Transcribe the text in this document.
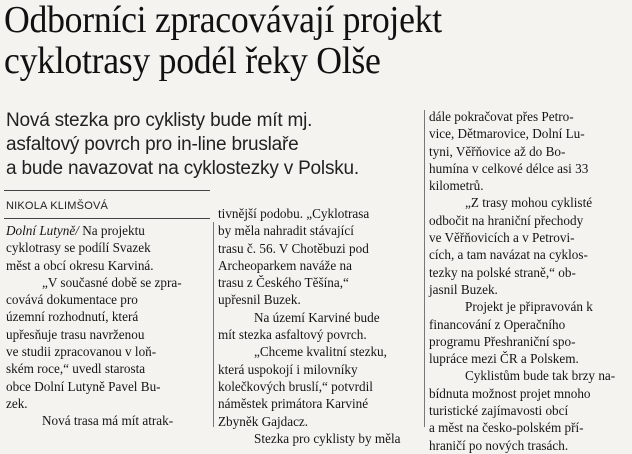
Odborníci zpracovávají projekt
cyklotrasy podél řeky Olše
Nová stezka pro cyklisty bude mít mj.
asfaltový povrch pro in-line bruslaře
a bude navazovat na cyklostezky v Polsku.
NIKOLA KLIMŠOVÁ
Dolní Lutyně/ Na projektu
cyklotrasy se podílí Svazek
měst a obcí okresu Karviná.
„V současné době se zpra-
covává dokumentace pro
územní rozhodnutí, která
upřesňuje trasu navrženou
ve studii zpracovanou v loň-
ském roce,“ uvedl starosta
obce Dolní Lutyně Pavel Bu-
zek.
Nová trasa má mít atrak-
tivnější podobu. „Cyklotrasa
by měla nahradit stávající
trasu č. 56. V Chotěbuzi pod
Archeoparkem naváže na
trasu z Českého Těšína,“
upřesnil Buzek.
Na území Karviné bude
mít stezka asfaltový povrch.
„Chceme kvalitní stezku,
která uspokojí i milovníky
kolečkových bruslí,“ potvrdil
náměstek primátora Karviné
Zbyněk Gajdacz.
Stezka pro cyklisty by měla
dále pokračovat přes Petro-
vice, Dětmarovice, Dolní Lu-
tyni, Věřňovice až do Bo-
humína v celkové délce asi 33
kilometrů.
„Z trasy mohou cyklisté
odbočit na hraniční přechody
ve Věřňovicích a v Petrovi-
cích, a tam navázat na cyklos-
tezky na polské straně,“ ob-
jasnil Buzek.
Projekt je připravován k
financování z Operačního
programu Přeshraniční spo-
lupráce mezi ČR a Polskem.
Cyklistům bude tak brzy na-
bídnuta možnost projet mnoho
turistické zajímavosti obcí
a měst na česko-polském pří-
hraničí po nových trasách.
